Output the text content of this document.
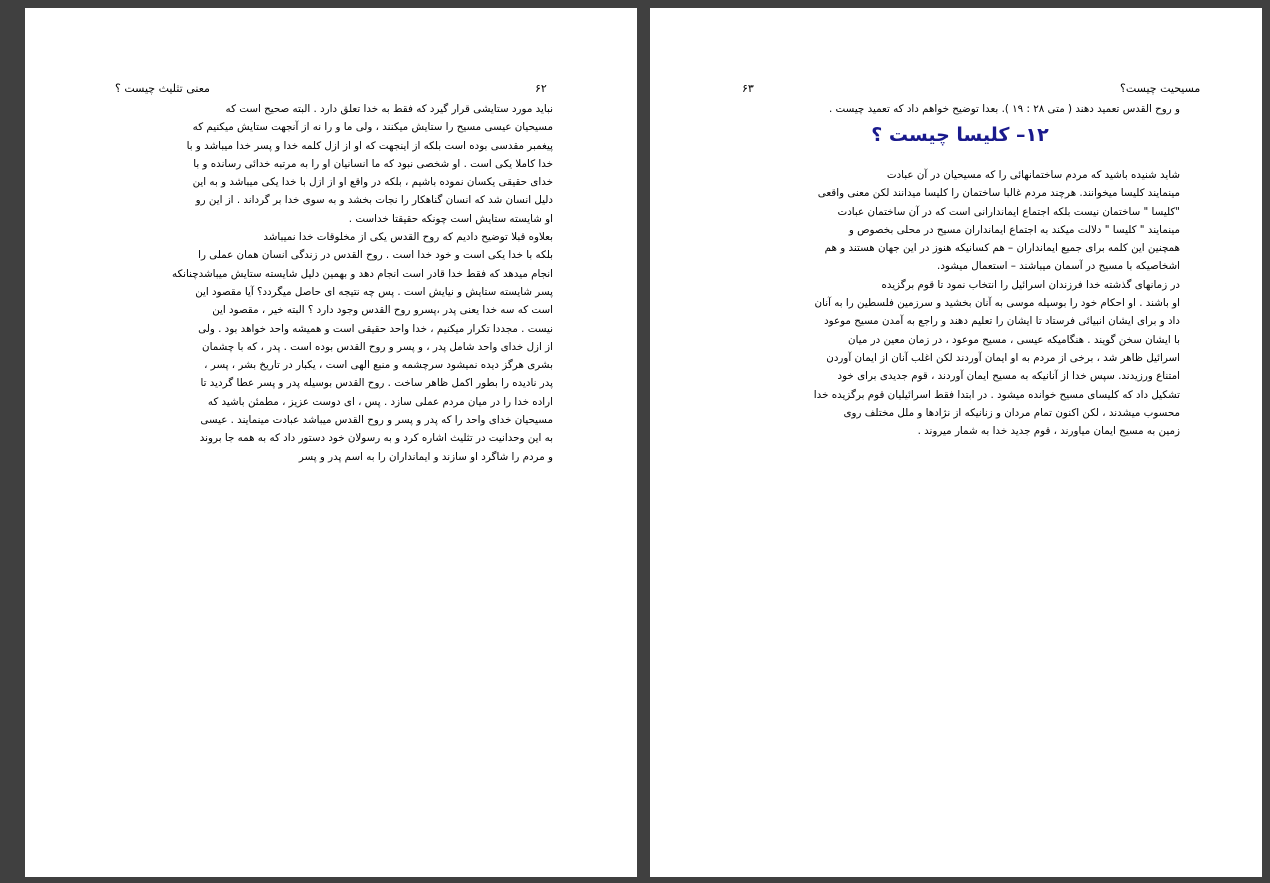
۶۲
معنی تثلیث چیست ؟
نباید مورد ستایشی قرار گیرد که فقط به خدا تعلق دارد . البته صحیح است که
مسیحیان عیسی مسیح را ستایش میکنند ، ولی ما و را نه از آنجهت ستایش میکنیم که
پیغمبر مقدسی بوده است بلکه از اینجهت که او از ازل کلمه خدا و پسر خدا میباشد و با
خدا کاملا یکی است . او شخصی نبود که ما انسانیان او را به مرتبه خدائی رسانده و با
خدای حقیقی یکسان نموده باشیم ، بلکه در واقع او از ازل با خدا یکی میباشد و به این
دلیل انسان شد که انسان گناهکار را نجات بخشد و به سوی خدا بر گرداند . از این رو
او شایسته ستایش است چونکه حقیقتا خداست .
بعلاوه قبلا توضیح دادیم که روح القدس یکی از مخلوقات خدا نمیباشد
بلکه با خدا یکی است و خود خدا است . روح القدس در زندگی انسان همان عملی را
انجام میدهد که فقط خدا قادر است انجام دهد و بهمین دلیل شایسته ستایش میباشدچنانکه
پسر شایسته ستایش و نیایش است . پس چه نتیجه ای حاصل میگردد؟ آیا مقصود این
است که سه خدا یعنی پدر ،پسرو روح القدس وجود دارد ؟ البته خیر ، مقصود این
نیست . مجددا تکرار میکنیم ، خدا واحد حقیقی است و همیشه واحد خواهد بود . ولی
از ازل خدای واحد شامل پدر ، و پسر و روح القدس بوده است . پدر ، که با چشمان
بشری هرگز دیده نمیشود سرچشمه و منبع الهی است ، یکبار در تاریخ بشر ، پسر ،
پدر نادیده را بطور اکمل ظاهر ساخت . روح القدس بوسیله پدر و پسر عطا گردید تا
اراده خدا را در میان مردم عملی سازد . پس ، ای دوست عزیز ، مطمئن باشید که
مسیحیان خدای واحد را که پدر و پسر و روح القدس میباشد عبادت مینمایند . عیسی
به این وحدانیت در تثلیث اشاره کرد و به رسولان خود دستور داد که به همه جا بروند
و مردم را شاگرد او سازند و ایمانداران را به اسم پدر و پسر
۶۳	مسیحیت چیست؟
و روح القدس تعمید دهند ( متی ۲۸ : ۱۹ ). بعدا توضیح خواهم داد که تعمید چیست .
۱۲– کلیسا چیست ؟
شاید شنیده باشید که مردم ساختمانهائی را که مسیحیان در آن عبادت
مینمایند کلیسا میخوانند. هرچند مردم غالبا ساختمان را کلیسا میدانند لکن معنی واقعی
"کلیسا " ساختمان نیست بلکه اجتماع ایماندارانی است که در آن ساختمان عبادت
مینمایند " کلیسا " دلالت میکند به اجتماع ایمانداران مسیح در محلی بخصوص و
همچنین این کلمه برای جمیع ایمانداران – هم کسانیکه هنوز در این جهان هستند و هم
اشخاصیکه با مسیح در آسمان میباشند – استعمال میشود.
در زمانهای گذشته خدا فرزندان اسرائیل را انتخاب نمود تا قوم برگزیده
او باشند . او احکام خود را بوسیله موسی به آنان بخشید و سرزمین فلسطین را به آنان
داد و برای ایشان انبیائی فرستاد تا ایشان را تعلیم دهند و راجع به آمدن مسیح موعود
با ایشان سخن گویند . هنگامیکه عیسی ، مسیح موعود ، در زمان معین در میان
اسرائیل ظاهر شد ، برخی از مردم به او ایمان آوردند لکن اغلب آنان از ایمان آوردن
امتناع ورزیدند. سپس خدا از آنانیکه به مسیح ایمان آوردند ، قوم جدیدی برای خود
تشکیل داد که کلیسای مسیح خوانده میشود . در ابتدا فقط اسرائیلیان قوم برگزیده خدا
محسوب میشدند ، لکن اکنون تمام مردان و زنانیکه از نژادها و ملل مختلف روی
زمین به مسیح ایمان میاورند ، قوم جدید خدا به شمار میروند .
